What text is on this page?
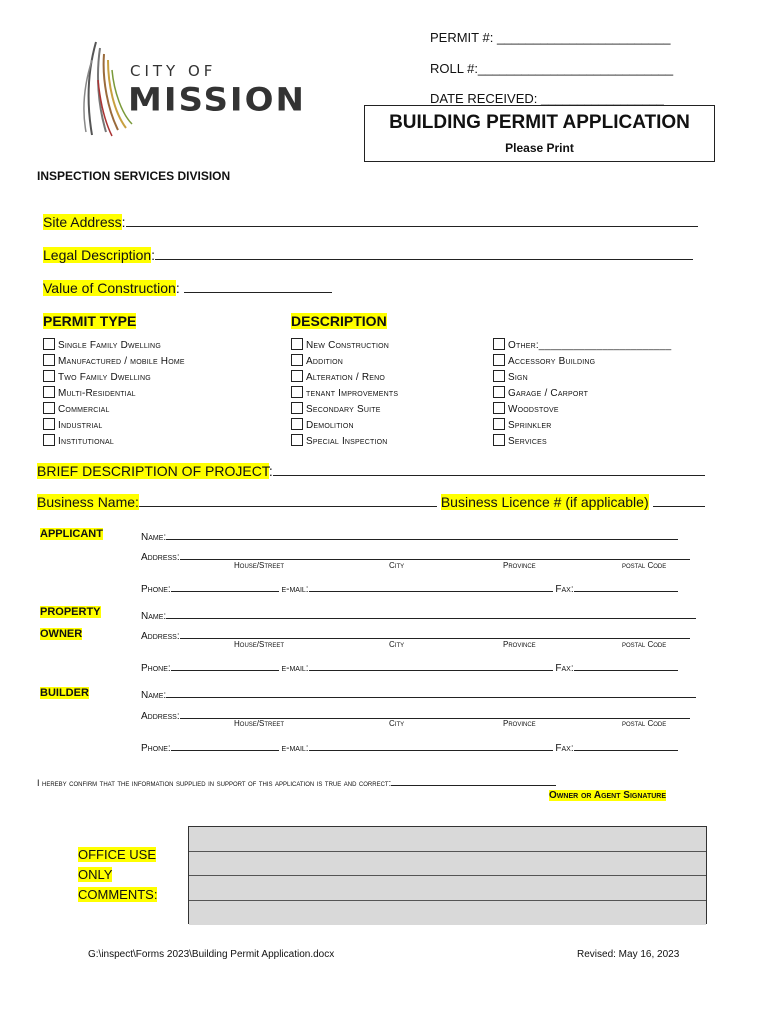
CITY OF
MISSION
PERMIT #: ________________________
ROLL #:___________________________
DATE RECEIVED: _________________
BUILDING PERMIT APPLICATION
Please Print
INSPECTION SERVICES DIVISION
Site Address:
Legal Description:
Value of Construction:
PERMIT TYPE	DESCRIPTION
Single Family Dwelling
Manufactured / mobile Home
Two Family Dwelling
Multi-Residential
Commercial
Industrial
Institutional
New Construction
Addition
Alteration / Reno
tenant Improvements
Secondary Suite
Demolition
Special Inspection
Other:_______________________
Accessory Building
Sign
Garage / Carport
Woodstove
Sprinkler
Services
BRIEF DESCRIPTION OF PROJECT:
Business Name:	Business Licence # (if applicable)
APPLICANT	Name:
Address:
House/Street	City	Province	postal Code
Phone:	e-mail:	Fax:
PROPERTY
OWNER
Name:
Address:
House/Street	City	Province	postal Code
Phone:	e-mail:	Fax:
BUILDER	Name:
Address:
House/Street	City	Province	postal Code
Phone:	e-mail:	Fax:
I hereby confirm that the information supplied in support of this application is true and correct:
Owner or Agent Signature
OFFICE USE
ONLY
COMMENTS:
G:\inspect\Forms 2023\Building Permit Application.docx	Revised: May 16, 2023
